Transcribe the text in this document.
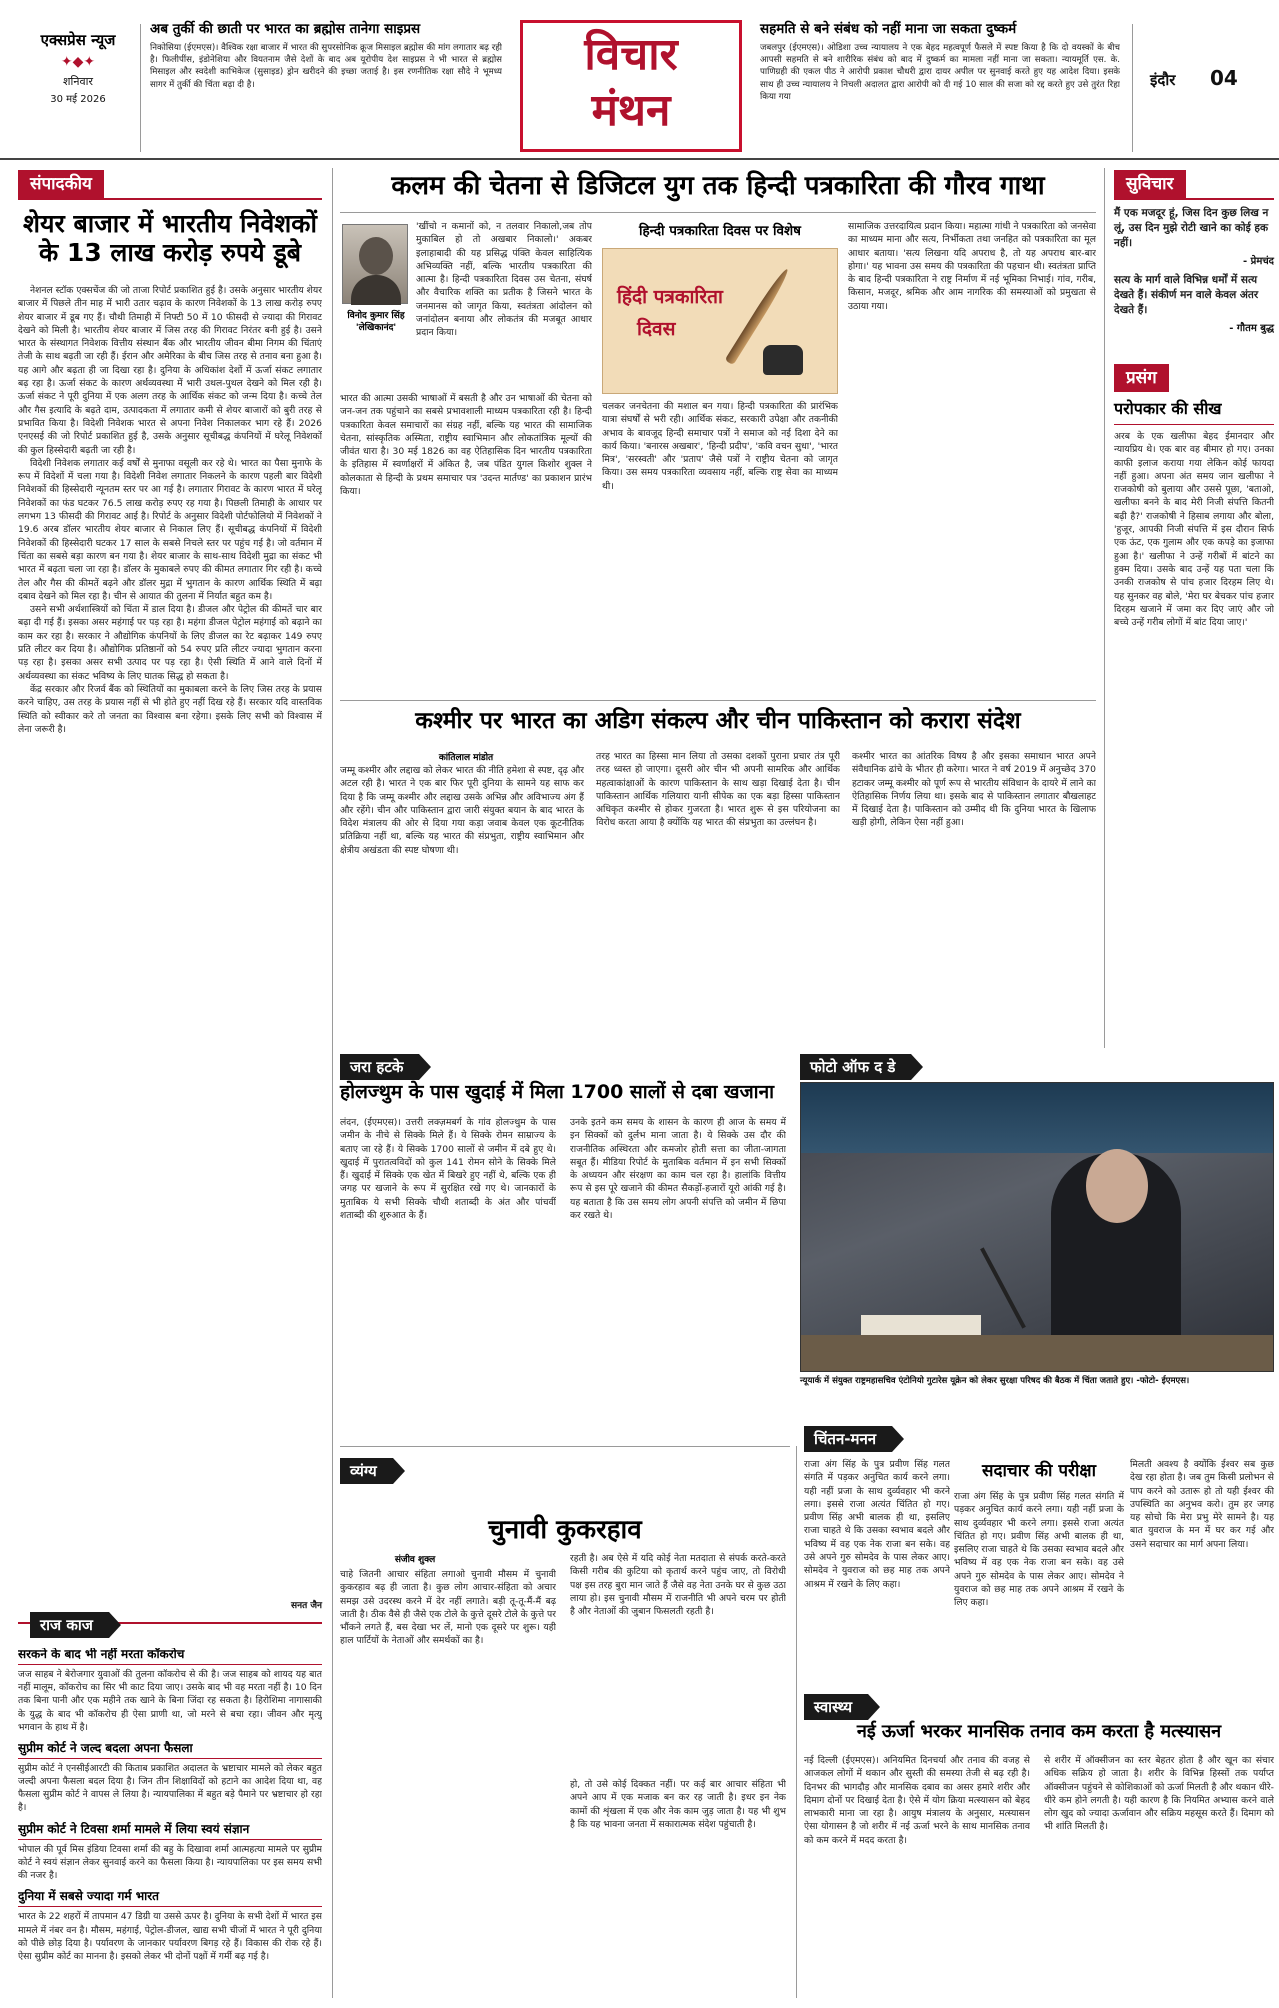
एक्सप्रेस न्यूज
✦◆✦
शनिवार
30 मई 2026
अब तुर्की की छाती पर भारत का ब्रह्मोस तानेगा साइप्रस
निकोसिया (ईएमएस)। वैश्विक रक्षा बाजार में भारत की सुपरसोनिक क्रूज मिसाइल ब्रह्मोस की मांग लगातार बढ़ रही है। फिलीपींस, इंडोनेशिया और वियतनाम जैसे देशों के बाद अब यूरोपीय देश साइप्रस ने भी भारत से ब्रह्मोस मिसाइल और स्वदेशी काभिकेज (सुसाइड) ड्रोन खरीदने की इच्छा जताई है। इस रणनीतिक रक्षा सौदे ने भूमध्य सागर में तुर्की की चिंता बढ़ा दी है।
विचार
मंथन
सहमति से बने संबंध को नहीं माना जा सकता दुष्कर्म
जबलपुर (ईएमएस)। ओडिशा उच्च न्यायालय ने एक बेहद महत्वपूर्ण फैसले में स्पष्ट किया है कि दो वयस्कों के बीच आपसी सहमति से बने शारीरिक संबंध को बाद में दुष्कर्म का मामला नहीं माना जा सकता। न्यायमूर्ति एस. के. पाणिग्रही की एकल पीठ ने आरोपी प्रकाश चौधरी द्वारा दायर अपील पर सुनवाई करते हुए यह आदेश दिया। इसके साथ ही उच्च न्यायालय ने निचली अदालत द्वारा आरोपी को दी गई 10 साल की सजा को रद्द करते हुए उसे तुरंत रिहा किया गया
इंदौर 04
संपादकीय
शेयर बाजार में भारतीय निवेशकों के 13 लाख करोड़ रुपये डूबे

नेशनल स्टॉक एक्सचेंज की जो ताजा रिपोर्ट प्रकाशित हुई है। उसके अनुसार भारतीय शेयर बाजार में पिछले तीन माह में भारी उतार चढ़ाव के कारण निवेशकों के 13 लाख करोड़ रुपए शेयर बाजार में डूब गए हैं। चौथी तिमाही में निफ्टी 50 में 10 फीसदी से ज्यादा की गिरावट देखने को मिली है। भारतीय शेयर बाजार में जिस तरह की गिरावट निरंतर बनी हुई है। उसने भारत के संस्थागत निवेशक वित्तीय संस्थान बैंक और भारतीय जीवन बीमा निगम की चिंताएं तेजी के साथ बढ़ती जा रही हैं। ईरान और अमेरिका के बीच जिस तरह से तनाव बना हुआ है। यह आगे और बढ़ता ही जा दिखा रहा है। दुनिया के अधिकांश देशों में ऊर्जा संकट लगातार बढ़ रहा है। ऊर्जा संकट के कारण अर्थव्यवस्था में भारी उथल-पुथल देखने को मिल रही है। ऊर्जा संकट ने पूरी दुनिया में एक अलग तरह के आर्थिक संकट को जन्म दिया है। कच्चे तेल और गैस इत्यादि के बढ़ते दाम, उत्पादकता में लगातार कमी से शेयर बाजारों को बुरी तरह से प्रभावित किया है। विदेशी निवेशक भारत से अपना निवेश निकालकर भाग रहे हैं। 2026 एनएसई की जो रिपोर्ट प्रकाशित हुई है, उसके अनुसार सूचीबद्ध कंपनियों में घरेलू निवेशकों की कुल हिस्सेदारी बढ़ती जा रही है।

विदेशी निवेशक लगातार कई वर्षों से मुनाफा वसूली कर रहे थे। भारत का पैसा मुनाफे के रूप में विदेशों में चला गया है। विदेशी निवेश लगातार निकलने के कारण पहली बार विदेशी निवेशकों की हिस्सेदारी न्यूनतम स्तर पर आ गई है। लगातार गिरावट के कारण भारत में घरेलू निवेशकों का फंड घटकर 76.5 लाख करोड़ रुपए रह गया है। पिछली तिमाही के आधार पर लगभग 13 फीसदी की गिरावट आई है। रिपोर्ट के अनुसार विदेशी पोर्टफोलियो में निवेशकों ने 19.6 अरब डॉलर भारतीय शेयर बाजार से निकाल लिए हैं। सूचीबद्ध कंपनियों में विदेशी निवेशकों की हिस्सेदारी घटकर 17 साल के सबसे निचले स्तर पर पहुंच गई है। जो वर्तमान में चिंता का सबसे बड़ा कारण बन गया है। शेयर बाजार के साथ-साथ विदेशी मुद्रा का संकट भी भारत में बढ़ता चला जा रहा है। डॉलर के मुकाबले रुपए की कीमत लगातार गिर रही है। कच्चे तेल और गैस की कीमतें बढ़ने और डॉलर मुद्रा में भुगतान के कारण आर्थिक स्थिति में बढ़ा दबाव देखने को मिल रहा है। चीन से आयात की तुलना में निर्यात बहुत कम है।

उसने सभी अर्थशास्त्रियों को चिंता में डाल दिया है। डीजल और पेट्रोल की कीमतें चार बार बढ़ा दी गई हैं। इसका असर महंगाई पर पड़ रहा है। महंगा डीजल पेट्रोल महंगाई को बढ़ाने का काम कर रहा है। सरकार ने औद्योगिक कंपनियों के लिए डीजल का रेट बढ़ाकर 149 रुपए प्रति लीटर कर दिया है। औद्योगिक प्रतिष्ठानों को 54 रुपए प्रति लीटर ज्यादा भुगतान करना पड़ रहा है। इसका असर सभी उत्पाद पर पड़ रहा है। ऐसी स्थिति में आने वाले दिनों में अर्थव्यवस्था का संकट भविष्य के लिए घातक सिद्ध हो सकता है।

केंद्र सरकार और रिजर्व बैंक को स्थितियों का मुकाबला करने के लिए जिस तरह के प्रयास करने चाहिए, उस तरह के प्रयास नहीं से भी होते हुए नहीं दिख रहे हैं। सरकार यदि वास्तविक स्थिति को स्वीकार करे तो जनता का विश्वास बना रहेगा। इसके लिए सभी को विश्वास में लेना जरूरी है।

सनत जैन
राज काज
सरकने के बाद भी नहीं मरता कॉकरोच
जज साहब ने बेरोजगार युवाओं की तुलना कॉकरोच से की है। जज साहब को शायद यह बात नहीं मालूम, कॉकरोच का सिर भी काट दिया जाए। उसके बाद भी वह मरता नहीं है। 10 दिन तक बिना पानी और एक महीने तक खाने के बिना जिंदा रह सकता है। हिरोशिमा नागासाकी के युद्ध के बाद भी कॉकरोच ही ऐसा प्राणी था, जो मरने से बचा रहा। जीवन और मृत्यु भगवान के हाथ में है।
सुप्रीम कोर्ट ने जल्द बदला अपना फैसला
सुप्रीम कोर्ट ने एनसीईआरटी की किताब प्रकाशित अदालत के भ्रष्टाचार मामले को लेकर बहुत जल्दी अपना फैसला बदल दिया है। जिन तीन शिक्षाविदों को हटाने का आदेश दिया था, वह फैसला सुप्रीम कोर्ट ने वापस ले लिया है। न्यायपालिका में बहुत बड़े पैमाने पर भ्रष्टाचार हो रहा है।
सुप्रीम कोर्ट ने टिवसा शर्मा मामले में लिया स्वयं संज्ञान
भोपाल की पूर्व मिस इंडिया टिवसा शर्मा की बहु के दिखावा शर्मा आत्महत्या मामले पर सुप्रीम कोर्ट ने स्वयं संज्ञान लेकर सुनवाई करने का फैसला किया है। न्यायपालिका पर इस समय सभी की नजर है।
दुनिया में सबसे ज्यादा गर्म भारत
भारत के 22 शहरों में तापमान 47 डिग्री या उससे ऊपर है। दुनिया के सभी देशों में भारत इस मामले में नंबर वन है। मौसम, महंगाई, पेट्रोल-डीजल, खाद्य सभी चीजों में भारत ने पूरी दुनिया को पीछे छोड़ दिया है। पर्यावरण के जानकार पर्यावरण बिगड़ रहे हैं। विकास की रोक रहे हैं। ऐसा सुप्रीम कोर्ट का मानना है। इसको लेकर भी दोनों पक्षों में गर्मी बढ़ गई है।
कलम की चेतना से डिजिटल युग तक हिन्दी पत्रकारिता की गौरव गाथा
विनोद कुमार सिंह
'लेखिकानंद'
'खींचो न कमानों को, न तलवार निकालो,जब तोप मुकाबिल हो तो अखबार निकालो।' अकबर इलाहाबादी की यह प्रसिद्ध पंक्ति केवल साहित्यिक अभिव्यक्ति नहीं, बल्कि भारतीय पत्रकारिता की आत्मा है। हिन्दी पत्रकारिता दिवस उस चेतना, संघर्ष और वैचारिक शक्ति का प्रतीक है जिसने भारत के जनमानस को जागृत किया, स्वतंत्रता आंदोलन को जनांदोलन बनाया और लोकतंत्र की मजबूत आधार प्रदान किया।
भारत की आत्मा उसकी भाषाओं में बसती है और उन भाषाओं की चेतना को जन-जन तक पहुंचाने का सबसे प्रभावशाली माध्यम पत्रकारिता रही है। हिन्दी पत्रकारिता केवल समाचारों का संग्रह नहीं, बल्कि यह भारत की सामाजिक चेतना, सांस्कृतिक अस्मिता, राष्ट्रीय स्वाभिमान और लोकतांत्रिक मूल्यों की जीवंत धारा है। 30 मई 1826 का वह ऐतिहासिक दिन भारतीय पत्रकारिता के इतिहास में स्वर्णाक्षरों में अंकित है, जब पंडित युगल किशोर शुक्ल ने कोलकाता से हिन्दी के प्रथम समाचार पत्र 'उदन्त मार्तण्ड' का प्रकाशन प्रारंभ किया।
हिन्दी पत्रकारिता दिवस पर विशेष
हिंदी पत्रकारिता
दिवस
चलकर जनचेतना की मशाल बन गया। हिन्दी पत्रकारिता की प्रारंभिक यात्रा संघर्षों से भरी रही। आर्थिक संकट, सरकारी उपेक्षा और तकनीकी अभाव के बावजूद हिन्दी समाचार पत्रों ने समाज को नई दिशा देने का कार्य किया। 'बनारस अखबार', 'हिन्दी प्रदीप', 'कवि वचन सुधा', 'भारत मित्र', 'सरस्वती' और 'प्रताप' जैसे पत्रों ने राष्ट्रीय चेतना को जागृत किया। उस समय पत्रकारिता व्यवसाय नहीं, बल्कि राष्ट्र सेवा का माध्यम थी।
सामाजिक उत्तरदायित्व प्रदान किया। महात्मा गांधी ने पत्रकारिता को जनसेवा का माध्यम माना और सत्य, निर्भीकता तथा जनहित को पत्रकारिता का मूल आधार बताया। 'सत्य लिखना यदि अपराध है, तो यह अपराध बार-बार होगा।' यह भावना उस समय की पत्रकारिता की पहचान थी। स्वतंत्रता प्राप्ति के बाद हिन्दी पत्रकारिता ने राष्ट्र निर्माण में नई भूमिका निभाई। गांव, गरीब, किसान, मजदूर, श्रमिक और आम नागरिक की समस्याओं को प्रमुखता से उठाया गया।
कश्मीर पर भारत का अडिग संकल्प और चीन पाकिस्तान को करारा संदेश
कांतिलाल मांडोत
जम्मू कश्मीर और लद्दाख को लेकर भारत की नीति हमेशा से स्पष्ट, दृढ़ और अटल रही है। भारत ने एक बार फिर पूरी दुनिया के सामने यह साफ कर दिया है कि जम्मू कश्मीर और लद्दाख उसके अभिन्न और अविभाज्य अंग हैं और रहेंगे। चीन और पाकिस्तान द्वारा जारी संयुक्त बयान के बाद भारत के विदेश मंत्रालय की ओर से दिया गया कड़ा जवाब केवल एक कूटनीतिक प्रतिक्रिया नहीं था, बल्कि यह भारत की संप्रभुता, राष्ट्रीय स्वाभिमान और क्षेत्रीय अखंडता की स्पष्ट घोषणा थी।
तरह भारत का हिस्सा मान लिया तो उसका दशकों पुराना प्रचार तंत्र पूरी तरह ध्वस्त हो जाएगा। दूसरी ओर चीन भी अपनी सामरिक और आर्थिक महत्वाकांक्षाओं के कारण पाकिस्तान के साथ खड़ा दिखाई देता है। चीन पाकिस्तान आर्थिक गलियारा यानी सीपेक का एक बड़ा हिस्सा पाकिस्तान अधिकृत कश्मीर से होकर गुजरता है। भारत शुरू से इस परियोजना का विरोध करता आया है क्योंकि यह भारत की संप्रभुता का उल्लंघन है।
कश्मीर भारत का आंतरिक विषय है और इसका समाधान भारत अपने संवैधानिक ढांचे के भीतर ही करेगा। भारत ने वर्ष 2019 में अनुच्छेद 370 हटाकर जम्मू कश्मीर को पूर्ण रूप से भारतीय संविधान के दायरे में लाने का ऐतिहासिक निर्णय लिया था। इसके बाद से पाकिस्तान लगातार बौखलाहट में दिखाई देता है। पाकिस्तान को उम्मीद थी कि दुनिया भारत के खिलाफ खड़ी होगी, लेकिन ऐसा नहीं हुआ।
जरा हटके
होलज्थुम के पास खुदाई में मिला 1700 सालों से दबा खजाना
लंदन, (ईएमएस)। उत्तरी लक्ज़मबर्ग के गांव होलज्थुम के पास जमीन के नीचे से सिक्के मिले हैं। ये सिक्के रोमन साम्राज्य के बताए जा रहे हैं। ये सिक्के 1700 सालों से जमीन में दबे हुए थे। खुदाई में पुरातत्वविदों को कुल 141 रोमन सोने के सिक्के मिले हैं। खुदाई में सिक्के एक खेत में बिखरे हुए नहीं थे, बल्कि एक ही जगह पर खजाने के रूप में सुरक्षित रखे गए थे। जानकारों के मुताबिक ये सभी सिक्के चौथी शताब्दी के अंत और पांचवीं शताब्दी की शुरुआत के हैं।
उनके इतने कम समय के शासन के कारण ही आज के समय में इन सिक्कों को दुर्लभ माना जाता है। ये सिक्के उस दौर की राजनीतिक अस्थिरता और कमजोर होती सत्ता का जीता-जागता सबूत हैं। मीडिया रिपोर्ट के मुताबिक वर्तमान में इन सभी सिक्कों के अध्ययन और संरक्षण का काम चल रहा है। हालांकि वित्तीय रूप से इस पूरे खजाने की कीमत सैकड़ों-हजारों यूरो आंकी गई है। यह बताता है कि उस समय लोग अपनी संपत्ति को जमीन में छिपा कर रखते थे।
फोटो ऑफ द डे
न्यूयार्क में संयुक्त राष्ट्रमहासचिव एंटोनियो गुटारेस यूक्रेन को लेकर सुरक्षा परिषद की बैठक में चिंता जताते हुए। -फोटो- ईएमएस।
सुविचार
मैं एक मजदूर हूं, जिस दिन कुछ लिख न लूं, उस दिन मुझे रोटी खाने का कोई हक नहीं।
- प्रेमचंद
सत्य के मार्ग वाले विभिन्न धर्मों में सत्य देखते हैं। संकीर्ण मन वाले केवल अंतर देखते हैं।
- गौतम बुद्ध
प्रसंग
परोपकार की सीख
अरब के एक खलीफा बेहद ईमानदार और न्यायप्रिय थे। एक बार वह बीमार हो गए। उनका काफी इलाज कराया गया लेकिन कोई फायदा नहीं हुआ। अपना अंत समय जान खलीफा ने राजकोषी को बुलाया और उससे पूछा, 'बताओ, खलीफा बनने के बाद मेरी निजी संपत्ति कितनी बढ़ी है?' राजकोषी ने हिसाब लगाया और बोला, 'हुजूर, आपकी निजी संपत्ति में इस दौरान सिर्फ एक ऊंट, एक गुलाम और एक कपड़े का इजाफा हुआ है।' खलीफा ने उन्हें गरीबों में बांटने का हुक्म दिया। उसके बाद उन्हें यह पता चला कि उनकी राजकोष से पांच हजार दिरहम लिए थे। यह सुनकर वह बोले, 'मेरा घर बेचकर पांच हजार दिरहम खजाने में जमा कर दिए जाएं और जो बच्चे उन्हें गरीब लोगों में बांट दिया जाए।'
व्यंग्य
चुनावी कुकरहाव
संजीव शुक्ल
चाहे जितनी आचार संहिता लगाओ चुनावी मौसम में चुनावी कुकरहाव बढ़ ही जाता है। कुछ लोग आचार-संहिता को अचार समझ उसे उदरस्थ करने में देर नहीं लगाते। बड़ी तू-तू-मैं-मैं बढ़ जाती है। ठीक वैसे ही जैसे एक टोले के कुत्ते दूसरे टोले के कुत्ते पर भौंकने लगते हैं, बस देखा भर लें, मानो एक दूसरे पर शुरू। यही हाल पार्टियों के नेताओं और समर्थकों का है।
रहती है। अब ऐसे में यदि कोई नेता मतदाता से संपर्क करते-करते किसी गरीब की कुटिया को कृतार्थ करने पहुंच जाए, तो विरोधी पक्ष इस तरह बुरा मान जाते हैं जैसे वह नेता उनके घर से कुछ उठा लाया हो। इस चुनावी मौसम में राजनीति भी अपने चरम पर होती है और नेताओं की जुबान फिसलती रहती है।
हो, तो उसे कोई दिक्कत नहीं। पर कई बार आचार संहिता भी अपने आप में एक मजाक बन कर रह जाती है। इधर इन नेक कामों की शृंखला में एक और नेक काम जुड़ जाता है। यह भी शुभ है कि यह भावना जनता में सकारात्मक संदेश पहुंचाती है।
चिंतन-मनन
सदाचार की परीक्षा
राजा अंग सिंह के पुत्र प्रवीण सिंह गलत संगति में पड़कर अनुचित कार्य करने लगा। यही नहीं प्रजा के साथ दुर्व्यवहार भी करने लगा। इससे राजा अत्यंत चिंतित हो गए। प्रवीण सिंह अभी बालक ही था, इसलिए राजा चाहते थे कि उसका स्वभाव बदले और भविष्य में वह एक नेक राजा बन सके। वह उसे अपने गुरु सोमदेव के पास लेकर आए। सोमदेव ने युवराज को छह माह तक अपने आश्रम में रखने के लिए कहा।
राजा अंग सिंह के पुत्र प्रवीण सिंह गलत संगति में पड़कर अनुचित कार्य करने लगा। यही नहीं प्रजा के साथ दुर्व्यवहार भी करने लगा। इससे राजा अत्यंत चिंतित हो गए। प्रवीण सिंह अभी बालक ही था, इसलिए राजा चाहते थे कि उसका स्वभाव बदले और भविष्य में वह एक नेक राजा बन सके। वह उसे अपने गुरु सोमदेव के पास लेकर आए। सोमदेव ने युवराज को छह माह तक अपने आश्रम में रखने के लिए कहा।
मिलती अवश्य है क्योंकि ईश्वर सब कुछ देख रहा होता है। जब तुम किसी प्रलोभन से पाप करने को उतारू हो तो यही ईश्वर की उपस्थिति का अनुभव करो। तुम हर जगह यह सोचो कि मेरा प्रभु मेरे सामने है। यह बात युवराज के मन में घर कर गई और उसने सदाचार का मार्ग अपना लिया।
स्वास्थ्य
नई ऊर्जा भरकर मानसिक तनाव कम करता है मत्स्यासन
नई दिल्ली (ईएमएस)। अनियमित दिनचर्या और तनाव की वजह से आजकल लोगों में थकान और सुस्ती की समस्या तेजी से बढ़ रही है। दिनभर की भागदौड़ और मानसिक दबाव का असर हमारे शरीर और दिमाग दोनों पर दिखाई देता है। ऐसे में योग क्रिया मत्स्यासन को बेहद लाभकारी माना जा रहा है। आयुष मंत्रालय के अनुसार, मत्स्यासन ऐसा योगासन है जो शरीर में नई ऊर्जा भरने के साथ मानसिक तनाव को कम करने में मदद करता है।
से शरीर में ऑक्सीजन का स्तर बेहतर होता है और खून का संचार अधिक सक्रिय हो जाता है। शरीर के विभिन्न हिस्सों तक पर्याप्त ऑक्सीजन पहुंचने से कोशिकाओं को ऊर्जा मिलती है और थकान धीरे-धीरे कम होने लगती है। यही कारण है कि नियमित अभ्यास करने वाले लोग खुद को ज्यादा ऊर्जावान और सक्रिय महसूस करते हैं। दिमाग को भी शांति मिलती है।
